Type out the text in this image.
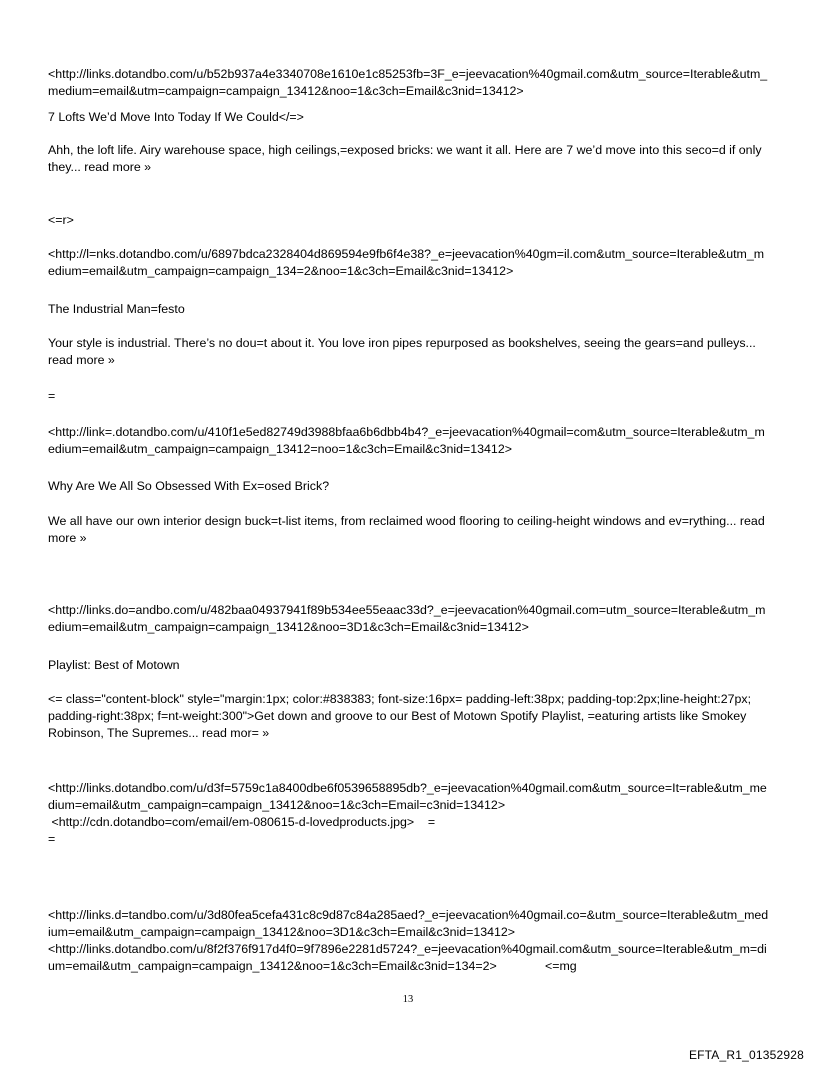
<http://links.dotandbo.com/u/b52b937a4e3340708e1610e1c85253fb=3F_e=jeevacation%40gmail.com&utm_source=Iterable&utm_medium=email&utm=campaign=campaign_13412&noo=1&c3ch=Email&c3nid=13412>

7 Lofts We’d Move Into Today If We Could</=>

Ahh, the loft life. Airy warehouse space, high ceilings,=exposed bricks: we want it all. Here are 7 we’d move into this seco=d if only they... read more »

<=r>

<http://l=nks.dotandbo.com/u/6897bdca2328404d869594e9fb6f4e38?_e=jeevacation%40gm=il.com&utm_source=Iterable&utm_medium=email&utm_campaign=campaign_134=2&noo=1&c3ch=Email&c3nid=13412>

The Industrial Man=festo

Your style is industrial. There’s no dou=t about it. You love iron pipes repurposed as bookshelves, seeing the gears=and pulleys... read more »

=

<http://link=.dotandbo.com/u/410f1e5ed82749d3988bfaa6b6dbb4b4?_e=jeevacation%40gmail=com&utm_source=Iterable&utm_medium=email&utm_campaign=campaign_13412=noo=1&c3ch=Email&c3nid=13412>

Why Are We All So Obsessed With Ex=osed Brick?

We all have our own interior design buck=t-list items, from reclaimed wood flooring to ceiling-height windows and ev=rything... read more »

<http://links.do=andbo.com/u/482baa04937941f89b534ee55eaac33d?_e=jeevacation%40gmail.com=utm_source=Iterable&utm_medium=email&utm_campaign=campaign_13412&noo=3D1&c3ch=Email&c3nid=13412>

Playlist: Best of Motown

<= class="content-block" style="margin:1px; color:#838383; font-size:16px= padding-left:38px; padding-top:2px;line-height:27px; padding-right:38px; f=nt-weight:300">Get down and groove to our Best of Motown Spotify Playlist, =eaturing artists like Smokey Robinson, The Supremes... read mor= »

<http://links.dotandbo.com/u/d3f=5759c1a8400dbe6f0539658895db?_e=jeevacation%40gmail.com&utm_source=It=rable&utm_medium=email&utm_campaign=campaign_13412&noo=1&c3ch=Email=c3nid=13412>
<http://cdn.dotandbo=com/email/em-080615-d-lovedproducts.jpg>    =
=

<http://links.d=tandbo.com/u/3d80fea5cefa431c8c9d87c84a285aed?_e=jeevacation%40gmail.co=&utm_source=Iterable&utm_medium=email&utm_campaign=campaign_13412&noo=3D1&c3ch=Email&c3nid=13412>
<http://links.dotandbo.com/u/8f2f376f917d4f0=9f7896e2281d5724?_e=jeevacation%40gmail.com&utm_source=Iterable&utm_m=dium=email&utm_campaign=campaign_13412&noo=1&c3ch=Email&c3nid=134=2>              <=mg

13
EFTA_R1_01352928
